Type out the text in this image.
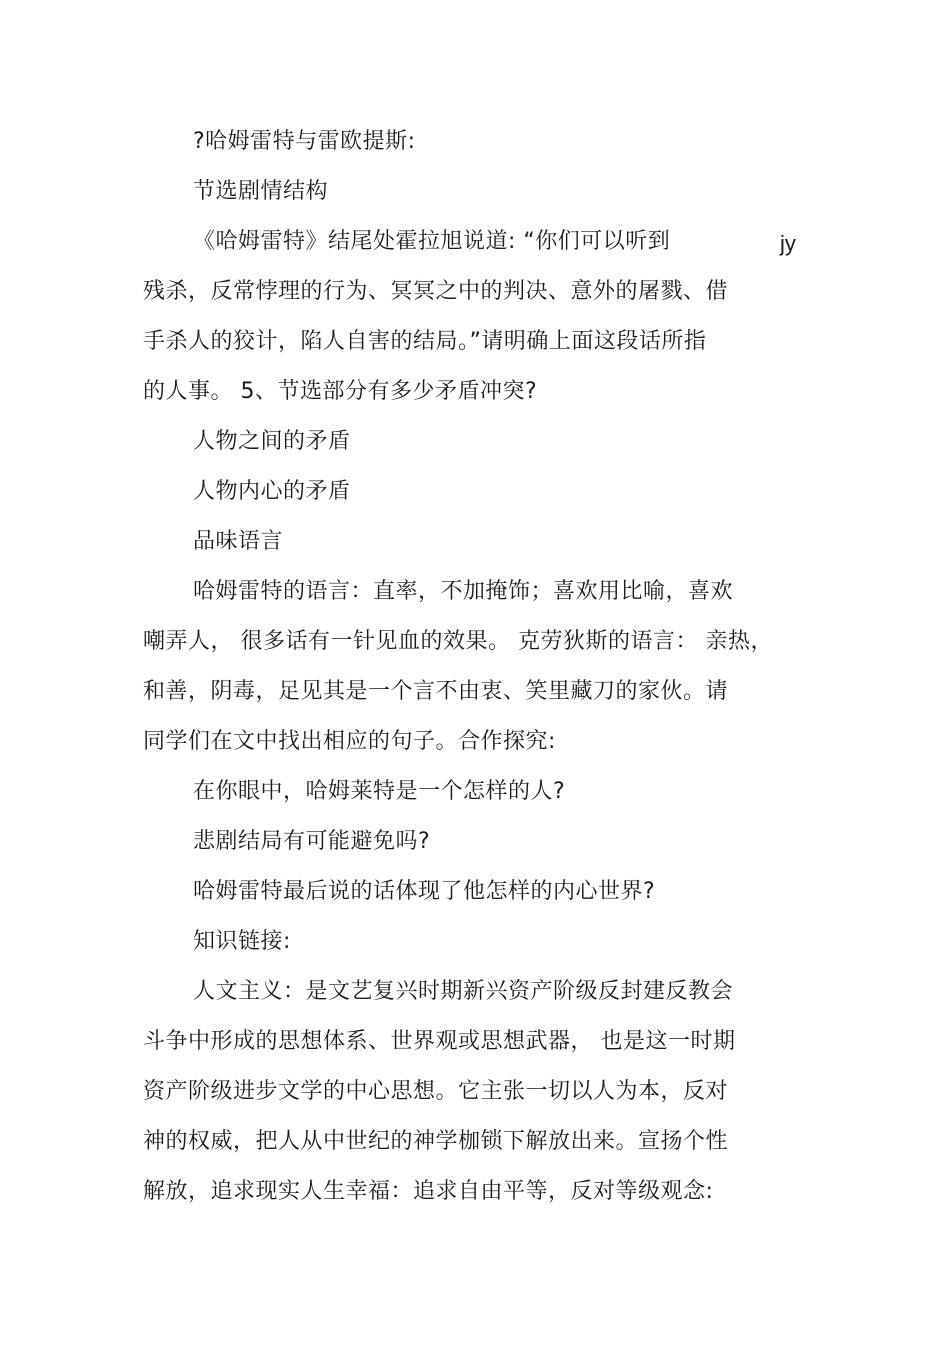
?哈姆雷特与雷欧提斯:
节选剧情结构
《哈姆雷特》结尾处霍拉旭说道: “你们可以听到	jy
残杀，反常悖理的行为、冥冥之中的判决、意外的屠戮、借
手杀人的狡计，陷人自害的结局。”请明确上面这段话所指
的人事。 5、节选部分有多少矛盾冲突?
人物之间的矛盾
人物内心的矛盾
品味语言
哈姆雷特的语言：直率，不加掩饰；喜欢用比喻，喜欢
嘲弄人， 很多话有一针见血的效果。 克劳狄斯的语言： 亲热，
和善，阴毒，足见其是一个言不由衷、笑里藏刀的家伙。请
同学们在文中找出相应的句子。合作探究:
在你眼中，哈姆莱特是一个怎样的人?
悲剧结局有可能避免吗?
哈姆雷特最后说的话体现了他怎样的内心世界?
知识链接:
人文主义：是文艺复兴时期新兴资产阶级反封建反教会
斗争中形成的思想体系、世界观或思想武器， 也是这一时期
资产阶级进步文学的中心思想。它主张一切以人为本，反对
神的权威，把人从中世纪的神学枷锁下解放出来。宣扬个性
解放，追求现实人生幸福：追求自由平等，反对等级观念:
